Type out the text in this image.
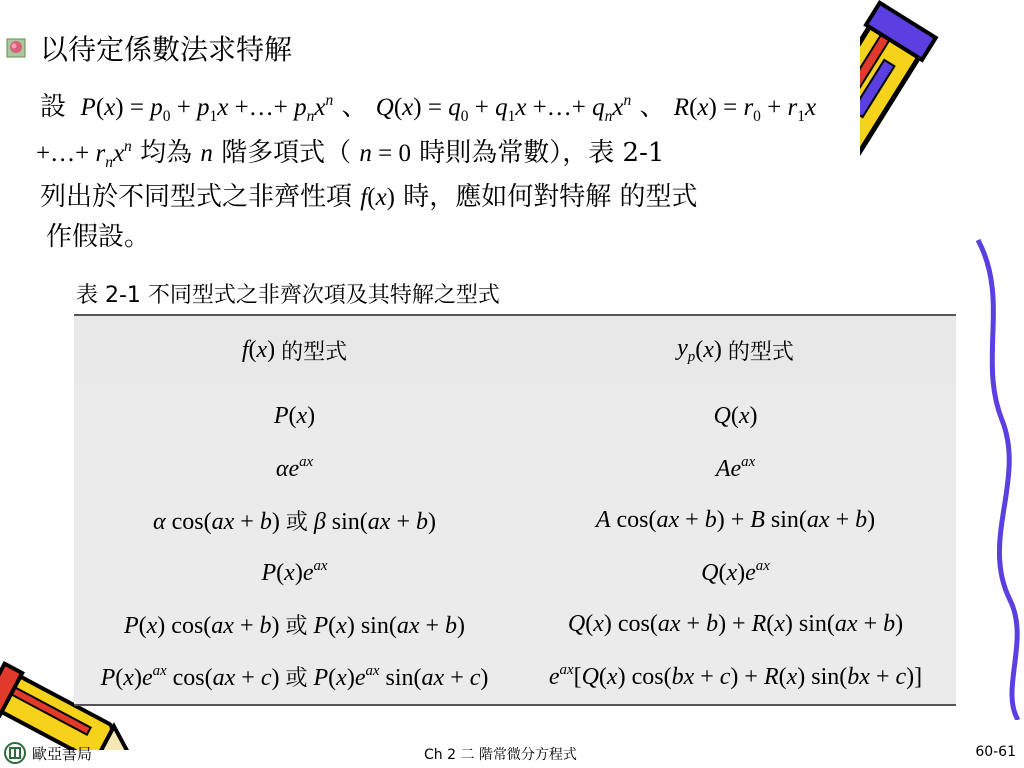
以待定係數法求特解
設 $P(x) = p_0 + p_1x$ +…+ $p_nx^n$ 、 $Q(x) = q_0 + q_1x$ +…+ $q_nx^n$ 、 $R(x) = r_0 + r_1x$
+…+ $r_nx^n$ 均為 n 階多項式（ n = 0 時則為常數），表 2-1
列出於不同型式之非齊性項 f(x) 時，應如何對特解 的型式
作假設。
表 2-1 不同型式之非齊次項及其特解之型式
f ( x ) 的型式	$y_p$ ( x ) 的型式
P(x)	Q(x)
$\alpha e^{ax}$	$Ae^{ax}$
α cos(ax + b) 或 β sin(ax + b)	A cos(ax + b) + B sin(ax + b)
$P(x)e^{ax}$	$Q(x)e^{ax}$
P(x) cos(ax + b) 或 P(x) sin(ax + b)	Q(x) cos(ax + b) + R(x) sin(ax + b)
$P(x)e^{ax}$ cos(ax + c) 或 $P(x)e^{ax}$ sin(ax + c)	$e^{ax}[Q(x) \cos(bx + c) + R(x) \sin(bx + c)]$
歐亞書局	Ch 2 二 階常微分方程式	60-61
